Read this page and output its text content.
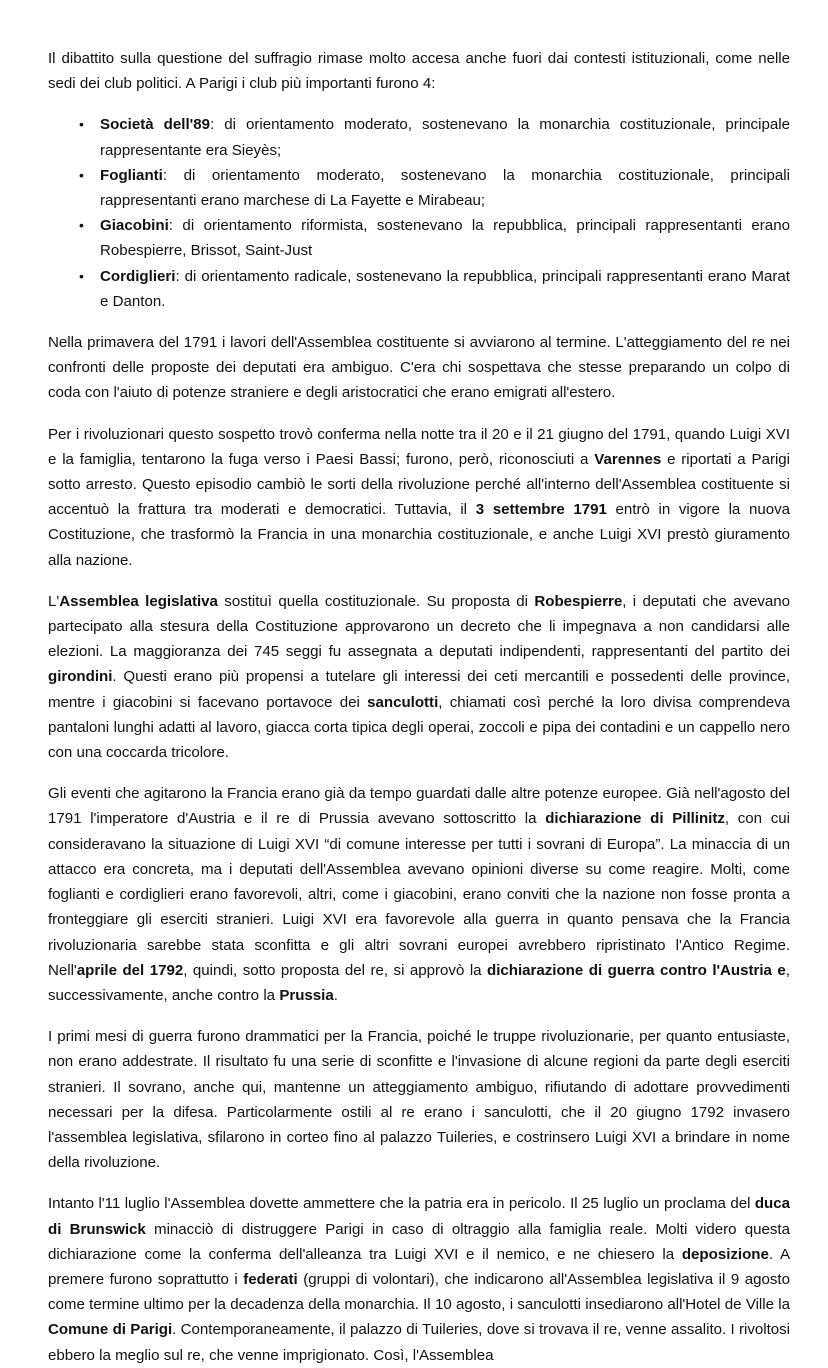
Il dibattito sulla questione del suffragio rimase molto accesa anche fuori dai contesti istituzionali, come nelle sedi dei club politici. A Parigi i club più importanti furono 4:

• Società dell'89: di orientamento moderato, sostenevano la monarchia costituzionale, principale rappresentante era Sieyès;
• Foglianti: di orientamento moderato, sostenevano la monarchia costituzionale, principali rappresentanti erano marchese di La Fayette e Mirabeau;
• Giacobini: di orientamento riformista, sostenevano la repubblica, principali rappresentanti erano Robespierre, Brissot, Saint-Just
• Cordiglieri: di orientamento radicale, sostenevano la repubblica, principali rappresentanti erano Marat e Danton.

Nella primavera del 1791 i lavori dell'Assemblea costituente si avviarono al termine. L'atteggiamento del re nei confronti delle proposte dei deputati era ambiguo. C'era chi sospettava che stesse preparando un colpo di coda con l'aiuto di potenze straniere e degli aristocratici che erano emigrati all'estero.

Per i rivoluzionari questo sospetto trovò conferma nella notte tra il 20 e il 21 giugno del 1791, quando Luigi XVI e la famiglia, tentarono la fuga verso i Paesi Bassi; furono, però, riconosciuti a Varennes e riportati a Parigi sotto arresto. Questo episodio cambiò le sorti della rivoluzione perché all'interno dell'Assemblea costituente si accentuò la frattura tra moderati e democratici. Tuttavia, il 3 settembre 1791 entrò in vigore la nuova Costituzione, che trasformò la Francia in una monarchia costituzionale, e anche Luigi XVI prestò giuramento alla nazione.

L'Assemblea legislativa sostituì quella costituzionale. Su proposta di Robespierre, i deputati che avevano partecipato alla stesura della Costituzione approvarono un decreto che li impegnava a non candidarsi alle elezioni. La maggioranza dei 745 seggi fu assegnata a deputati indipendenti, rappresentanti del partito dei girondini. Questi erano più propensi a tutelare gli interessi dei ceti mercantili e possedenti delle province, mentre i giacobini si facevano portavoce dei sanculotti, chiamati così perché la loro divisa comprendeva pantaloni lunghi adatti al lavoro, giacca corta tipica degli operai, zoccoli e pipa dei contadini e un cappello nero con una coccarda tricolore.

Gli eventi che agitarono la Francia erano già da tempo guardati dalle altre potenze europee. Già nell'agosto del 1791 l'imperatore d'Austria e il re di Prussia avevano sottoscritto la dichiarazione di Pillinitz, con cui consideravano la situazione di Luigi XVI “di comune interesse per tutti i sovrani di Europa”. La minaccia di un attacco era concreta, ma i deputati dell'Assemblea avevano opinioni diverse su come reagire. Molti, come foglianti e cordiglieri erano favorevoli, altri, come i giacobini, erano conviti che la nazione non fosse pronta a fronteggiare gli eserciti stranieri. Luigi XVI era favorevole alla guerra in quanto pensava che la Francia rivoluzionaria sarebbe stata sconfitta e gli altri sovrani europei avrebbero ripristinato l'Antico Regime. Nell'aprile del 1792, quindi, sotto proposta del re, si approvò la dichiarazione di guerra contro l'Austria e, successivamente, anche contro la Prussia.

I primi mesi di guerra furono drammatici per la Francia, poiché le truppe rivoluzionarie, per quanto entusiaste, non erano addestrate. Il risultato fu una serie di sconfitte e l'invasione di alcune regioni da parte degli eserciti stranieri. Il sovrano, anche qui, mantenne un atteggiamento ambiguo, rifiutando di adottare provvedimenti necessari per la difesa. Particolarmente ostili al re erano i sanculotti, che il 20 giugno 1792 invasero l'assemblea legislativa, sfilarono in corteo fino al palazzo Tuileries, e costrinsero Luigi XVI a brindare in nome della rivoluzione.

Intanto l'11 luglio l'Assemblea dovette ammettere che la patria era in pericolo. Il 25 luglio un proclama del duca di Brunswick minacciò di distruggere Parigi in caso di oltraggio alla famiglia reale. Molti videro questa dichiarazione come la conferma dell'alleanza tra Luigi XVI e il nemico, e ne chiesero la deposizione. A premere furono soprattutto i federati (gruppi di volontari), che indicarono all'Assemblea legislativa il 9 agosto come termine ultimo per la decadenza della monarchia. Il 10 agosto, i sanculotti insediarono all'Hotel de Ville la Comune di Parigi. Contemporaneamente, il palazzo di Tuileries, dove si trovava il re, venne assalito. I rivoltosi ebbero la meglio sul re, che venne imprigionato. Così, l'Assemblea
